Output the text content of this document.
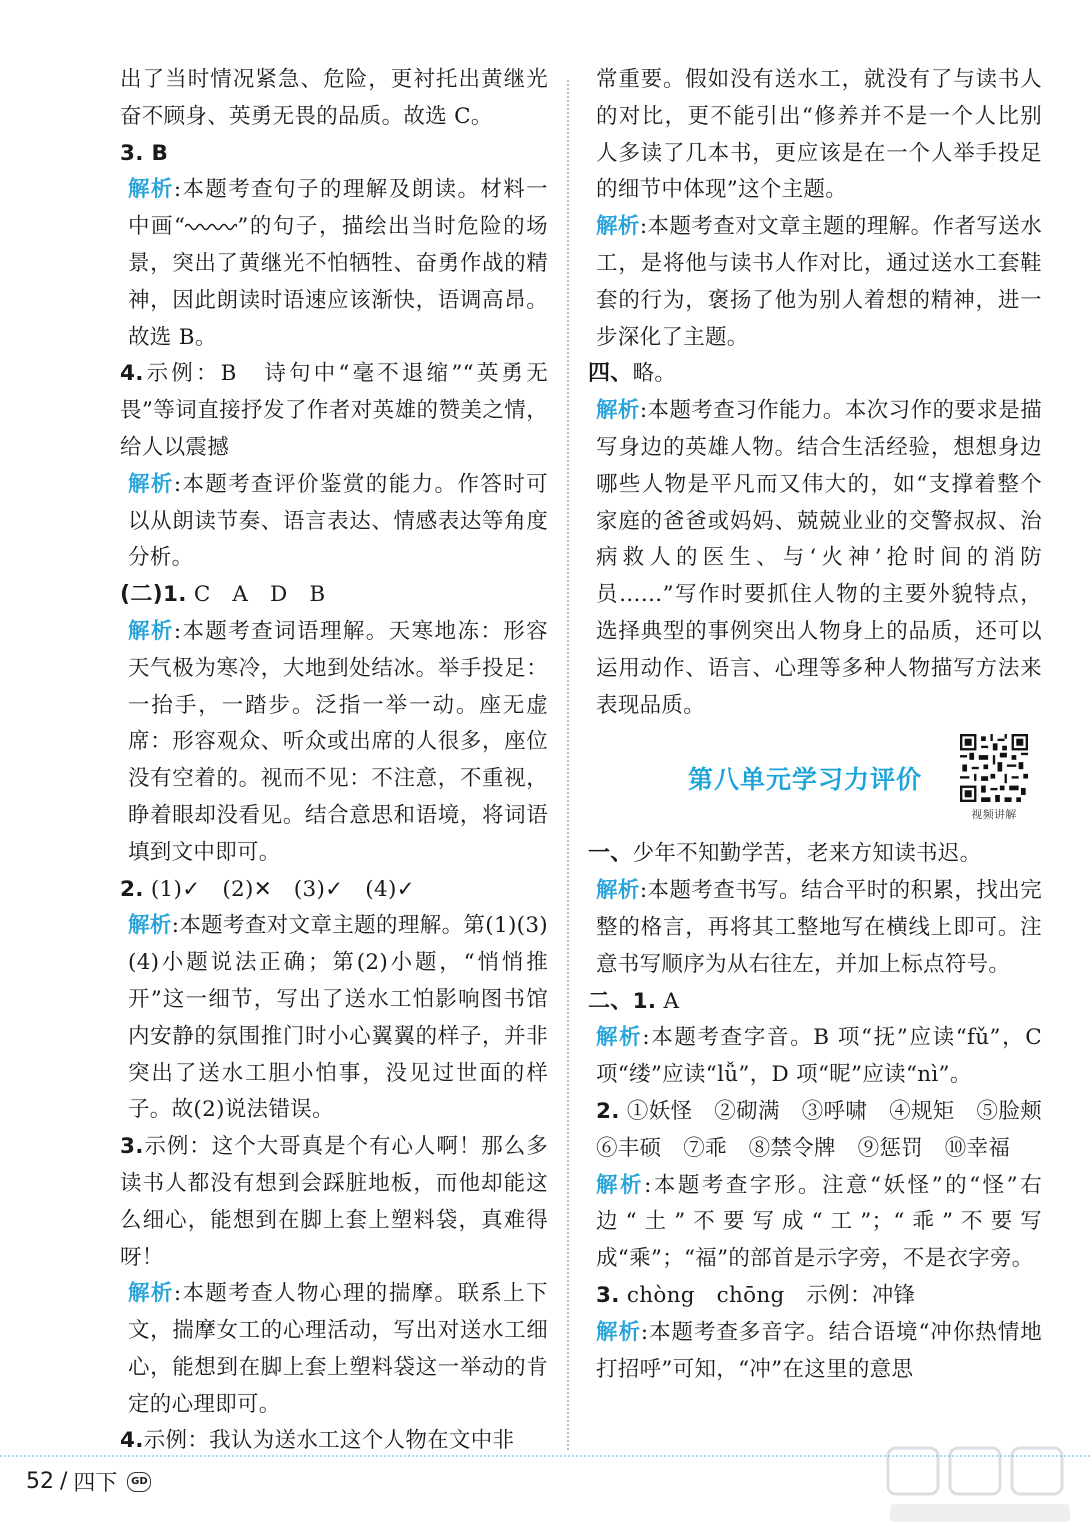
出了当时情况紧急、危险，更衬托出黄继光奋不顾身、英勇无畏的品质。故选 C。

3. B

解析:本题考查句子的理解及朗读。材料一中画“ ”的句子，描绘出当时危险的场景，突出了黄继光不怕牺牲、奋勇作战的精神，因此朗读时语速应该渐快，语调高昂。故选 B。

4.示例：B　诗句中“毫不退缩”“英勇无畏”等词直接抒发了作者对英雄的赞美之情，给人以震撼

解析:本题考查评价鉴赏的能力。作答时可以从朗读节奏、语言表达、情感表达等角度分析。

(二)1. C　A　D　B

解析:本题考查词语理解。天寒地冻：形容天气极为寒冷，大地到处结冰。举手投足：一抬手，一踏步。泛指一举一动。座无虚席：形容观众、听众或出席的人很多，座位没有空着的。视而不见：不注意，不重视，睁着眼却没看见。结合意思和语境，将词语填到文中即可。

2. (1)✓　(2)✕　(3)✓　(4)✓

解析:本题考查对文章主题的理解。第(1)(3)(4)小题说法正确；第(2)小题，“悄悄推开”这一细节，写出了送水工怕影响图书馆内安静的氛围推门时小心翼翼的样子，并非突出了送水工胆小怕事，没见过世面的样子。故(2)说法错误。

3.示例：这个大哥真是个有心人啊！那么多读书人都没有想到会踩脏地板，而他却能这么细心，能想到在脚上套上塑料袋，真难得呀！

解析:本题考查人物心理的揣摩。联系上下文，揣摩女工的心理活动，写出对送水工细心，能想到在脚上套上塑料袋这一举动的肯定的心理即可。

4.示例：我认为送水工这个人物在文中非

常重要。假如没有送水工，就没有了与读书人的对比，更不能引出“修养并不是一个人比别人多读了几本书，更应该是在一个人举手投足的细节中体现”这个主题。

解析:本题考查对文章主题的理解。作者写送水工，是将他与读书人作对比，通过送水工套鞋套的行为，褒扬了他为别人着想的精神，进一步深化了主题。

四、略。

解析:本题考查习作能力。本次习作的要求是描写身边的英雄人物。结合生活经验，想想身边哪些人物是平凡而又伟大的，如“支撑着整个家庭的爸爸或妈妈、兢兢业业的交警叔叔、治病救人的医生、与‘火神’抢时间的消防员……”写作时要抓住人物的主要外貌特点，选择典型的事例突出人物身上的品质，还可以运用动作、语言、心理等多种人物描写方法来表现品质。

第八单元学习力评价
视频讲解

一、少年不知勤学苦，老来方知读书迟。

解析:本题考查书写。结合平时的积累，找出完整的格言，再将其工整地写在横线上即可。注意书写顺序为从右往左，并加上标点符号。

二、1. A

解析:本题考查字音。B 项“抚”应读“fǔ”，C 项“缕”应读“lǚ”，D 项“昵”应读“nì”。

2. ①妖怪　②砌满　③呼啸　④规矩　⑤脸颊　⑥丰硕　⑦乖　⑧禁令牌　⑨惩罚　⑩幸福

解析:本题考查字形。注意“妖怪”的“怪”右边“土”不要写成“工”；“乖”不要写成“乘”；“福”的部首是示字旁，不是衣字旁。

3. chòng　chōng　示例：冲锋

解析:本题考查多音字。结合语境“冲你热情地打招呼”可知，“冲”在这里的意思

52 / 四下	GD
